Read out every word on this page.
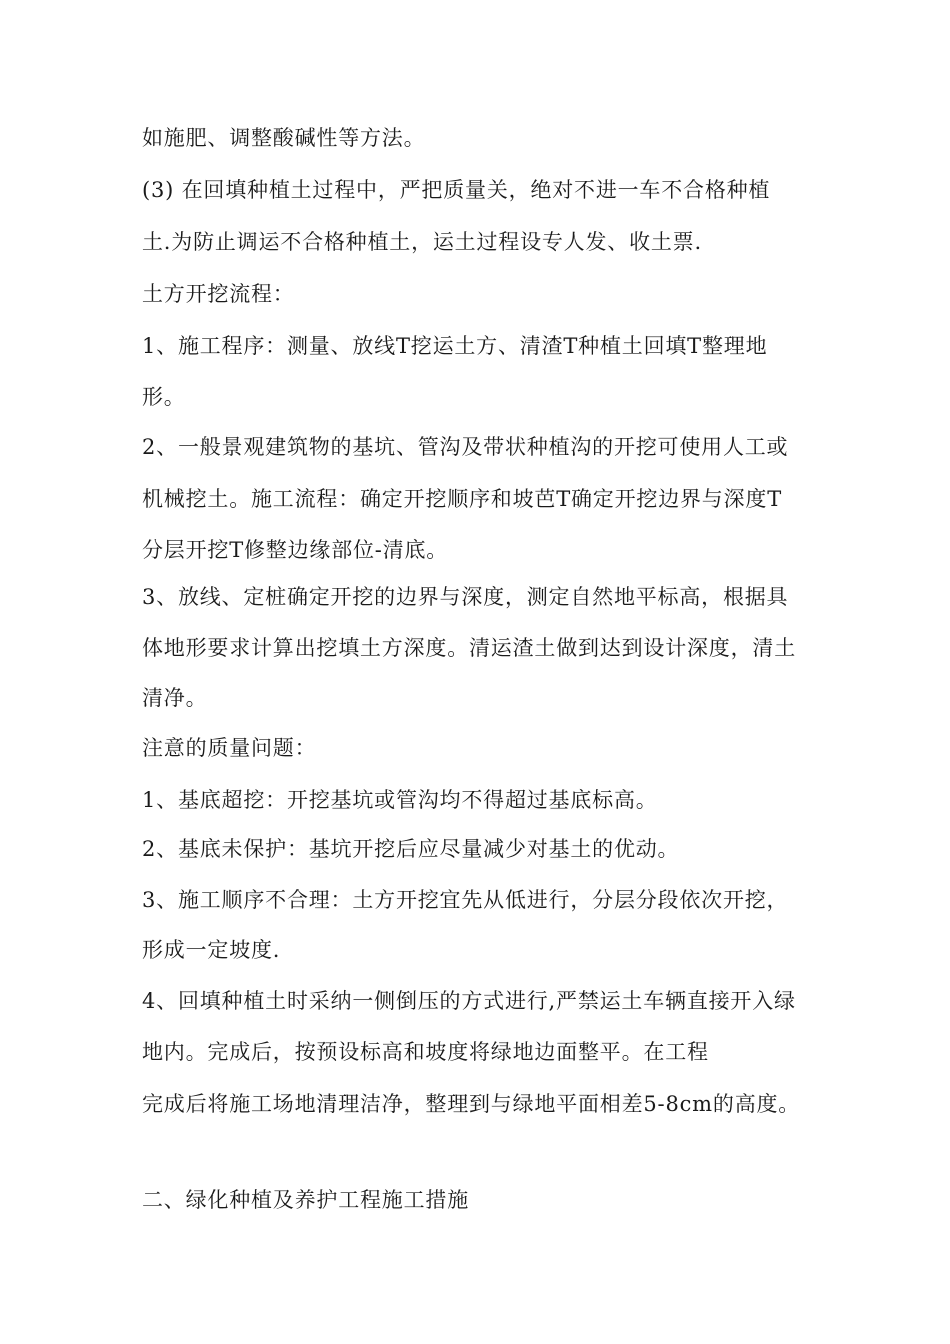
如施肥、调整酸碱性等方法。
(3) 在回填种植土过程中，严把质量关，绝对不进一车不合格种植
土.为防止调运不合格种植土，运土过程设专人发、收土票.
土方开挖流程：
1、施工程序：测量、放线T挖运土方、清渣T种植土回填T整理地
形。
2、一般景观建筑物的基坑、管沟及带状种植沟的开挖可使用人工或
机械挖土。施工流程：确定开挖顺序和坡芭T确定开挖边界与深度T
分层开挖T修整边缘部位-清底。
3、放线、定桩确定开挖的边界与深度，测定自然地平标高，根据具
体地形要求计算出挖填土方深度。清运渣土做到达到设计深度，清土
清净。
注意的质量问题：
1、基底超挖：开挖基坑或管沟均不得超过基底标高。
2、基底未保护：基坑开挖后应尽量减少对基土的优动。
3、施工顺序不合理：土方开挖宜先从低进行，分层分段依次开挖，
形成一定坡度.
4、回填种植土时采纳一侧倒压的方式进行,严禁运土车辆直接开入绿
地内。完成后，按预设标高和坡度将绿地边面整平。在工程
完成后将施工场地清理洁净，整理到与绿地平面相差5-8cm的高度。
二、绿化种植及养护工程施工措施
